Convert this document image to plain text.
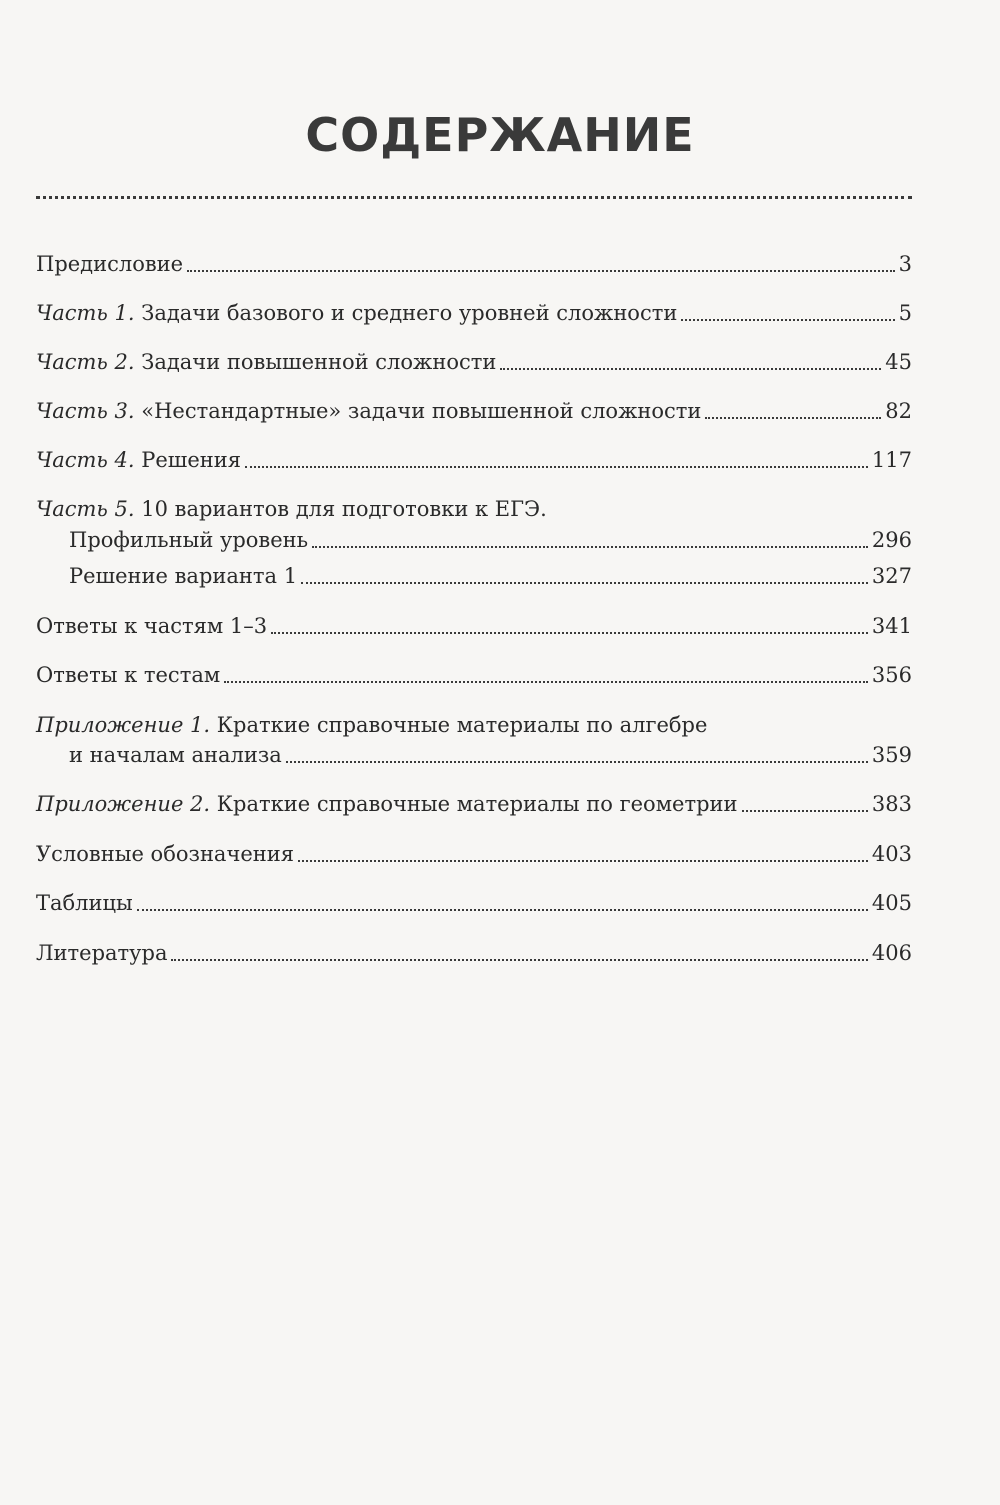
СОДЕРЖАНИЕ
Предисловие	3
Часть 1. Задачи базового и среднего уровней сложности	5
Часть 2. Задачи повышенной сложности	45
Часть 3. «Нестандартные» задачи повышенной сложности	82
Часть 4. Решения	117
Часть 5. 10 вариантов для подготовки к ЕГЭ.
Профильный уровень	296
Решение варианта 1	327
Ответы к частям 1–3	341
Ответы к тестам	356
Приложение 1. Краткие справочные материалы по алгебре
и началам анализа	359
Приложение 2. Краткие справочные материалы по геометрии	383
Условные обозначения	403
Таблицы	405
Литература	406
